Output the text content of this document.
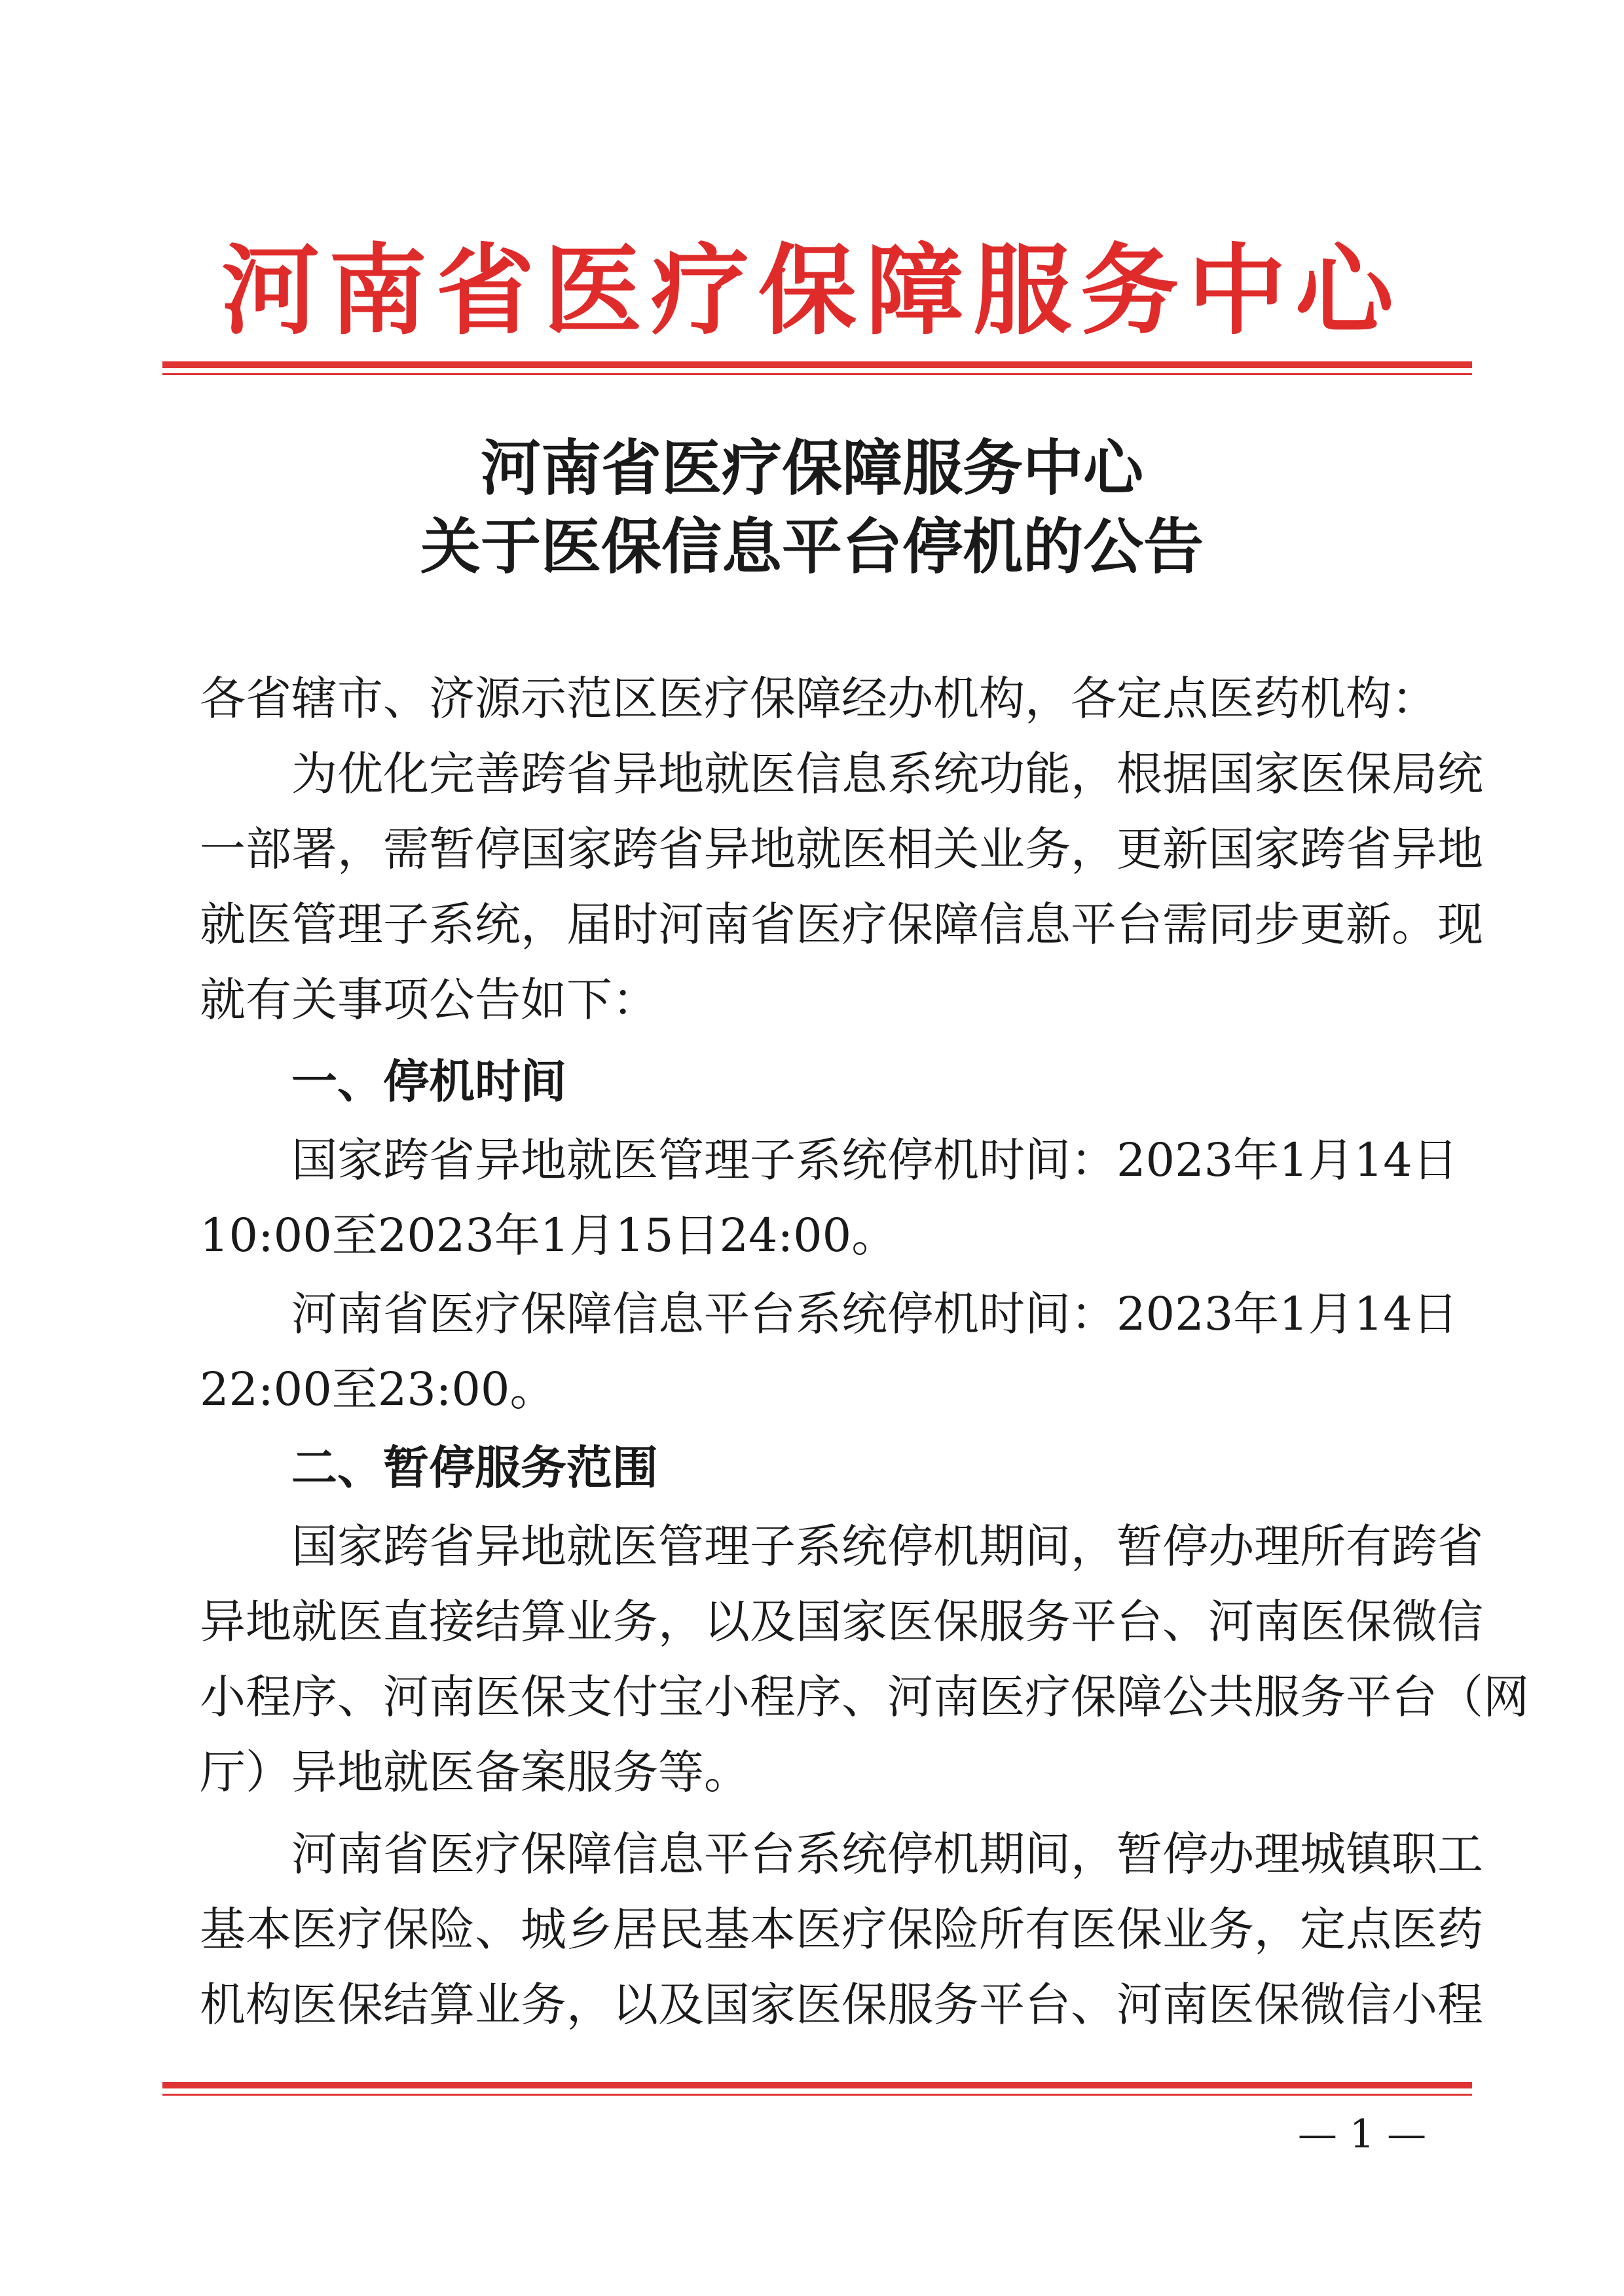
河南省医疗保障服务中心
河南省医疗保障服务中心
关于医保信息平台停机的公告
各省辖市、济源示范区医疗保障经办机构，各定点医药机构：
为优化完善跨省异地就医信息系统功能，根据国家医保局统
一部署，需暂停国家跨省异地就医相关业务，更新国家跨省异地
就医管理子系统，届时河南省医疗保障信息平台需同步更新。现
就有关事项公告如下：
一、停机时间
国家跨省异地就医管理子系统停机时间：2023年1月14日
10:00至2023年1月15日24:00。
河南省医疗保障信息平台系统停机时间：2023年1月14日
22:00至23:00。
二、暂停服务范围
国家跨省异地就医管理子系统停机期间，暂停办理所有跨省
异地就医直接结算业务，以及国家医保服务平台、河南医保微信
小程序、河南医保支付宝小程序、河南医疗保障公共服务平台（网
厅）异地就医备案服务等。
河南省医疗保障信息平台系统停机期间，暂停办理城镇职工
基本医疗保险、城乡居民基本医疗保险所有医保业务，定点医药
机构医保结算业务，以及国家医保服务平台、河南医保微信小程
— 1 —
